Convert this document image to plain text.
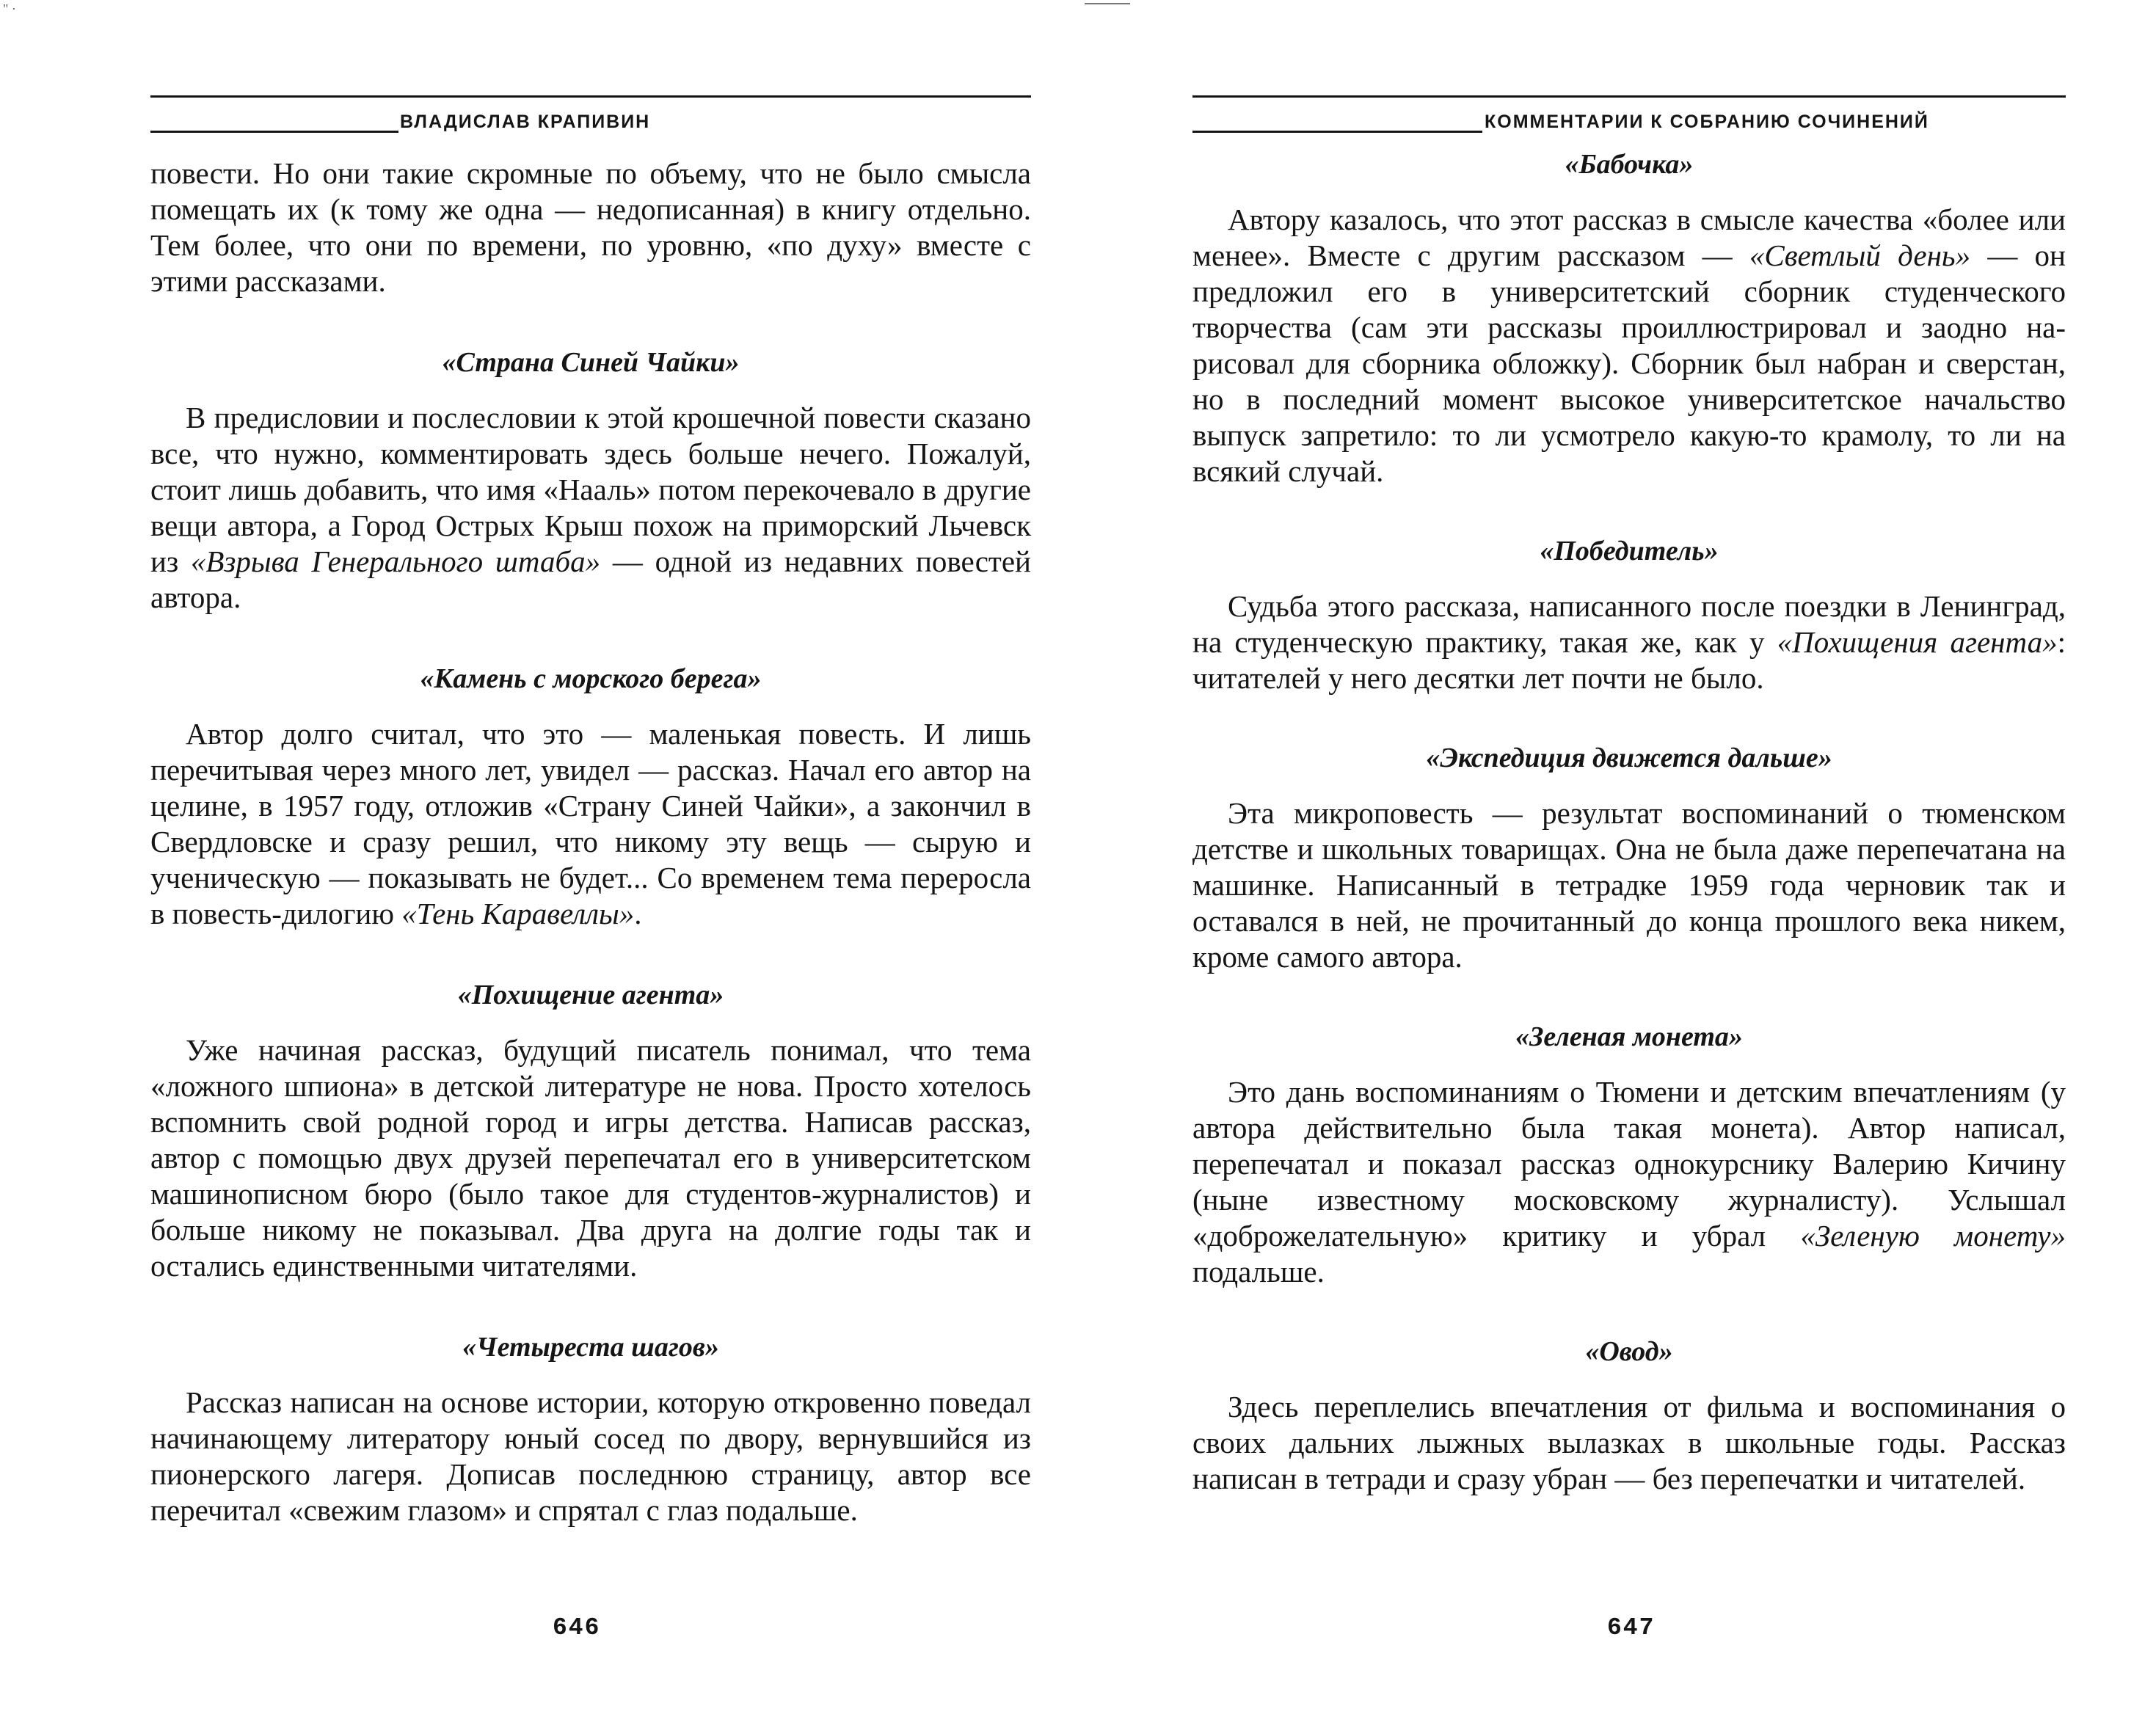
" ·
ВЛАДИСЛАВ КРАПИВИН

повести. Но они такие скромные по объему, что не было смысла помещать их (к тому же одна — недописанная) в книгу отдельно. Тем более, что они по времени, по уровню, «по духу» вместе с этими рассказами.

«Страна Синей Чайки»

В предисловии и послесловии к этой крошечной повести сказано все, что нужно, комментировать здесь больше нечего. Пожалуй, стоит лишь добавить, что имя «Нааль» потом перекочевало в другие вещи автора, а Город Острых Крыш похож на приморский Льчевск из «Взрыва Генерального штаба» — одной из недавних повестей автора.

«Камень с морского берега»

Автор долго считал, что это — маленькая повесть. И лишь перечитывая через много лет, увидел — рассказ. Начал его автор на целине, в 1957 году, отложив «Страну Синей Чайки», а закончил в Свердловске и сразу решил, что никому эту вещь — сырую и ученическую — показывать не будет... Со временем тема переросла в повесть-дилогию «Тень Каравеллы».

«Похищение агента»

Уже начиная рассказ, будущий писатель понимал, что тема «ложного шпиона» в детской литературе не нова. Просто хотелось вспомнить свой родной город и игры детства. Написав рассказ, автор с помощью двух друзей перепечатал его в университетском машинописном бюро (было такое для студентов-журналистов) и больше никому не показывал. Два друга на долгие годы так и остались единственными читателями.

«Четыреста шагов»

Рассказ написан на основе истории, которую откровенно поведал начинающему литератору юный сосед по двору, вернувшийся из пионерского лагеря. Дописав последнюю страницу, автор все перечитал «свежим глазом» и спрятал с глаз подальше.

646
КОММЕНТАРИИ К СОБРАНИЮ СОЧИНЕНИЙ
«Бабочка»

Автору казалось, что этот рассказ в смысле качества «более или менее». Вместе с другим рассказом — «Светлый день» — он предложил его в университетский сборник студенческого творчества (сам эти рассказы проиллюстрировал и заодно нарисовал для сборника обложку). Сборник был набран и сверстан, но в последний момент высокое университетское начальство выпуск запретило: то ли усмотрело какую-то крамолу, то ли на всякий случай.

«Победитель»

Судьба этого рассказа, написанного после поездки в Ленинград, на студенческую практику, такая же, как у «Похищения агента»: читателей у него десятки лет почти не было.

«Экспедиция движется дальше»

Эта микроповесть — результат воспоминаний о тюменском детстве и школьных товарищах. Она не была даже перепечатана на машинке. Написанный в тетрадке 1959 года черновик так и оставался в ней, не прочитанный до конца прошлого века никем, кроме самого автора.

«Зеленая монета»

Это дань воспоминаниям о Тюмени и детским впечатлениям (у автора действительно была такая монета). Автор написал, перепечатал и показал рассказ однокурснику Валерию Кичину (ныне известному московскому журналисту). Услышал «доброжелательную» критику и убрал «Зеленую монету» подальше.

«Овод»

Здесь переплелись впечатления от фильма и воспоминания о своих дальних лыжных вылазках в школьные годы. Рассказ написан в тетради и сразу убран — без перепечатки и читателей.

647
